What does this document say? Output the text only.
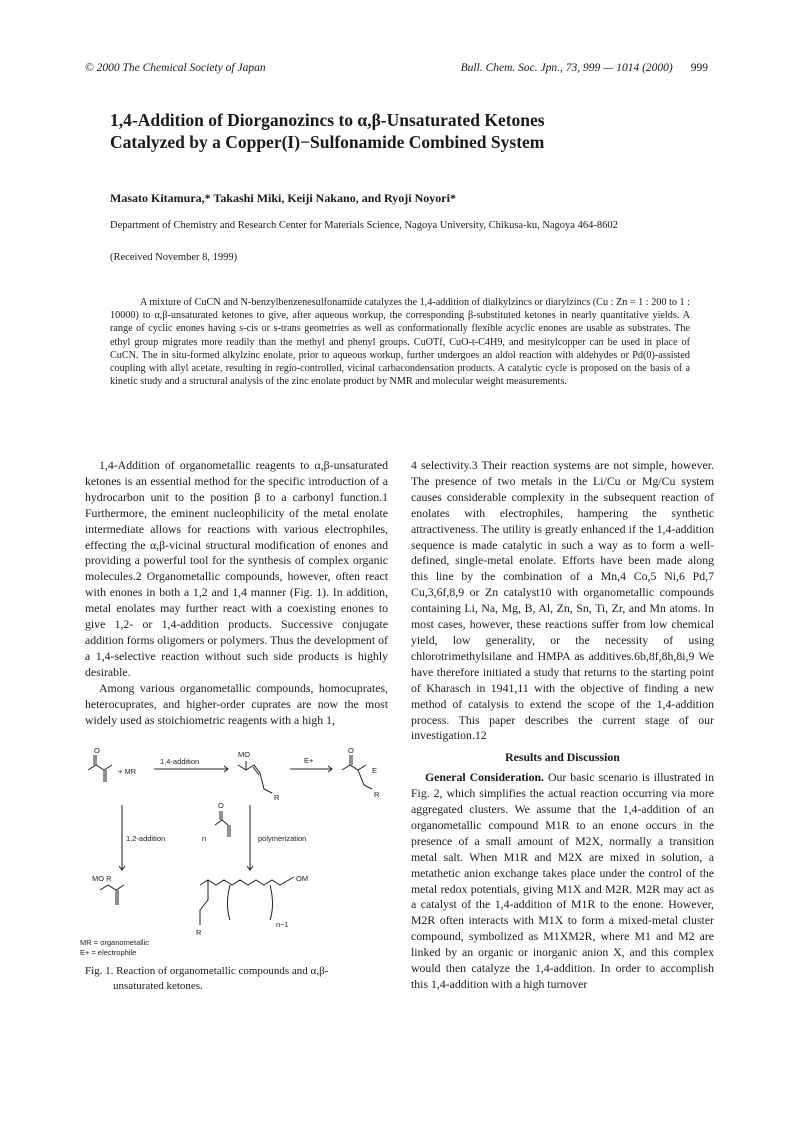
© 2000 The Chemical Society of Japan	Bull. Chem. Soc. Jpn., 73, 999 — 1014 (2000) 999
1,4-Addition of Diorganozincs to α,β-Unsaturated Ketones
Catalyzed by a Copper(I)−Sulfonamide Combined System
Masato Kitamura,* Takashi Miki, Keiji Nakano, and Ryoji Noyori*
Department of Chemistry and Research Center for Materials Science, Nagoya University, Chikusa-ku, Nagoya 464-8602
(Received November 8, 1999)
A mixture of CuCN and N-benzylbenzenesulfonamide catalyzes the 1,4-addition of dialkylzincs or diarylzincs (Cu : Zn = 1 : 200 to 1 : 10000) to α,β-unsaturated ketones to give, after aqueous workup, the corresponding β-substituted ketones in nearly quantitative yields. A range of cyclic enones having s-cis or s-trans geometries as well as conformationally flexible acyclic enones are usable as substrates. The ethyl group migrates more readily than the methyl and phenyl groups. CuOTf, CuO-t-C4H9, and mesitylcopper can be used in place of CuCN. The in situ-formed alkylzinc enolate, prior to aqueous workup, further undergoes an aldol reaction with aldehydes or Pd(0)-assisted coupling with allyl acetate, resulting in regio-controlled, vicinal carbacondensation products. A catalytic cycle is proposed on the basis of a kinetic study and a structural analysis of the zinc enolate product by NMR and molecular weight measurements.

1,4-Addition of organometallic reagents to α,β-unsaturated ketones is an essential method for the specific introduction of a hydrocarbon unit to the position β to a carbonyl function.1 Furthermore, the eminent nucleophilicity of the metal enolate intermediate allows for reactions with various electrophiles, effecting the α,β-vicinal structural modification of enones and providing a powerful tool for the synthesis of complex organic molecules.2 Organometallic compounds, however, often react with enones in both a 1,2 and 1,4 manner (Fig. 1). In addition, metal enolates may further react with a coexisting enones to give 1,2- or 1,4-addition products. Successive conjugate addition forms oligomers or polymers. Thus the development of a 1,4-selective reaction without such side products is highly desirable.

Among various organometallic compounds, homocuprates, heterocuprates, and higher-order cuprates are now the most widely used as stoichiometric reagents with a high 1,

O
+ MR
1,4-addition
MO
R
E+
O
E
R
1,2-addition
O
n	polymerization
MO R	OM
n−1
R
MR = organometallic
E+ = electrophile
Fig. 1. Reaction of organometallic compounds and α,β-
unsaturated ketones.

4 selectivity.3 Their reaction systems are not simple, however. The presence of two metals in the Li/Cu or Mg/Cu system causes considerable complexity in the subsequent reaction of enolates with electrophiles, hampering the synthetic attractiveness. The utility is greatly enhanced if the 1,4-addition sequence is made catalytic in such a way as to form a well-defined, single-metal enolate. Efforts have been made along this line by the combination of a Mn,4 Co,5 Ni,6 Pd,7 Cu,3,6f,8,9 or Zn catalyst10 with organometallic compounds containing Li, Na, Mg, B, Al, Zn, Sn, Ti, Zr, and Mn atoms. In most cases, however, these reactions suffer from low chemical yield, low generality, or the necessity of using chlorotrimethylsilane and HMPA as additives.6b,8f,8h,8i,9 We have therefore initiated a study that returns to the starting point of Kharasch in 1941,11 with the objective of finding a new method of catalysis to extend the scope of the 1,4-addition process. This paper describes the current stage of our investigation.12

Results and Discussion

General Consideration. Our basic scenario is illustrated in Fig. 2, which simplifies the actual reaction occurring via more aggregated clusters. We assume that the 1,4-addition of an organometallic compound M1R to an enone occurs in the presence of a small amount of M2X, normally a transition metal salt. When M1R and M2X are mixed in solution, a metathetic anion exchange takes place under the control of the metal redox potentials, giving M1X and M2R. M2R may act as a catalyst of the 1,4-addition of M1R to the enone. However, M2R often interacts with M1X to form a mixed-metal cluster compound, symbolized as M1XM2R, where M1 and M2 are linked by an organic or inorganic anion X, and this complex would then catalyze the 1,4-addition. In order to accomplish this 1,4-addition with a high turnover
